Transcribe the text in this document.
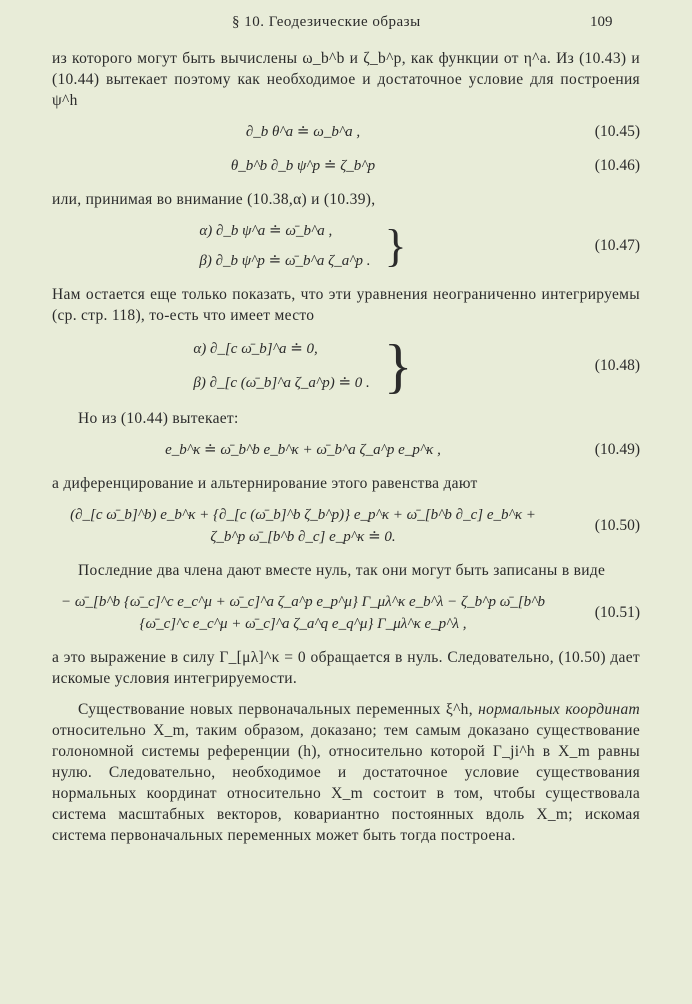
§ 10. Геодезические образы	109

из которого могут быть вычислены ω_b^b и ζ_b^p, как функции от η^a. Из (10.43) и (10.44) вытекает поэтому как необходимое и достаточное условие для построения ψ^h

∂_b θ^a ≐ ω_b^a ,	(10.45)
θ_b^b ∂_b ψ^p ≐ ζ_b^p	(10.46)

или, принимая во внимание (10.38,α) и (10.39),

α) ∂_b ψ^a ≐ ω̄_b^a ,
β) ∂_b ψ^p ≐ ω̄_b^a ζ_a^p . }	(10.47)

Нам остается еще только показать, что эти уравнения неограниченно интегрируемы (ср. стр. 118), то-есть что имеет место

α) ∂_[c ω̄_b]^a ≐ 0,
β) ∂_[c (ω̄_b]^a ζ_a^p) ≐ 0 . }	(10.48)

Но из (10.44) вытекает:

e_b^κ ≐ ω̄_b^b e_b^κ + ω̄_b^a ζ_a^p e_p^κ ,	(10.49)

а диференцирование и альтернирование этого равенства дают

(∂_[c ω̄_b]^b) e_b^κ + {∂_[c (ω̄_b]^b ζ_b^p)} e_p^κ + ω̄_[b^b ∂_c] e_b^κ + ζ_b^p ω̄_[b^b ∂_c] e_p^κ ≐ 0.
(10.50)

Последние два члена дают вместе нуль, так они могут быть записаны в виде

− ω̄_[b^b {ω̄_c]^c e_c^μ + ω̄_c]^a ζ_a^p e_p^μ} Γ_μλ^κ e_b^λ − ζ_b^p ω̄_[b^b {ω̄_c]^c e_c^μ + ω̄_c]^a ζ_a^q e_q^μ} Γ_μλ^κ e_p^λ ,
(10.51)

а это выражение в силу Γ_[μλ]^κ = 0 обращается в нуль. Следовательно, (10.50) дает искомые условия интегрируемости.

Существование новых первоначальных переменных ξ^h, нормальных координат относительно X_m, таким образом, доказано; тем самым доказано существование голономной системы референции (h), относительно которой Γ_ji^h в X_m равны нулю. Следовательно, необходимое и достаточное условие существования нормальных координат относительно X_m состоит в том, чтобы существовала система масштабных векторов, ковариантно постоянных вдоль X_m; искомая система первоначальных переменных может быть тогда построена.
